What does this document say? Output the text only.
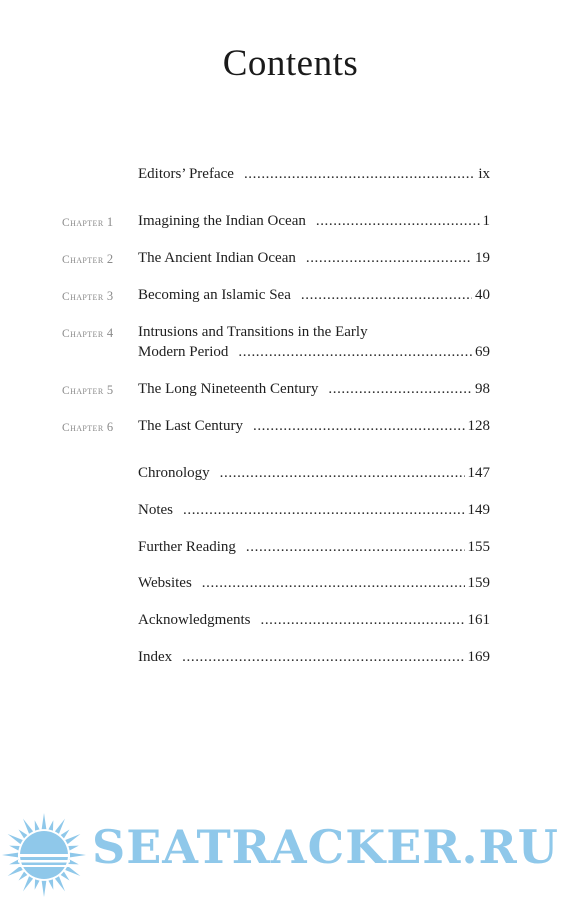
Contents
Editors’ Preface .....	ix
Chapter 1 Imagining the Indian Ocean .....	1
Chapter 2 The Ancient Indian Ocean .....	19
Chapter 3 Becoming an Islamic Sea .....	40
Chapter 4 Intrusions and Transitions in the Early
Modern Period .....	69
Chapter 5 The Long Nineteenth Century .....	98
Chapter 6 The Last Century .....	128
Chronology .....	147
Notes .....	149
Further Reading .....	155
Websites .....	159
Acknowledgments .....	161
Index .....	169
SEATRACKER.RU
